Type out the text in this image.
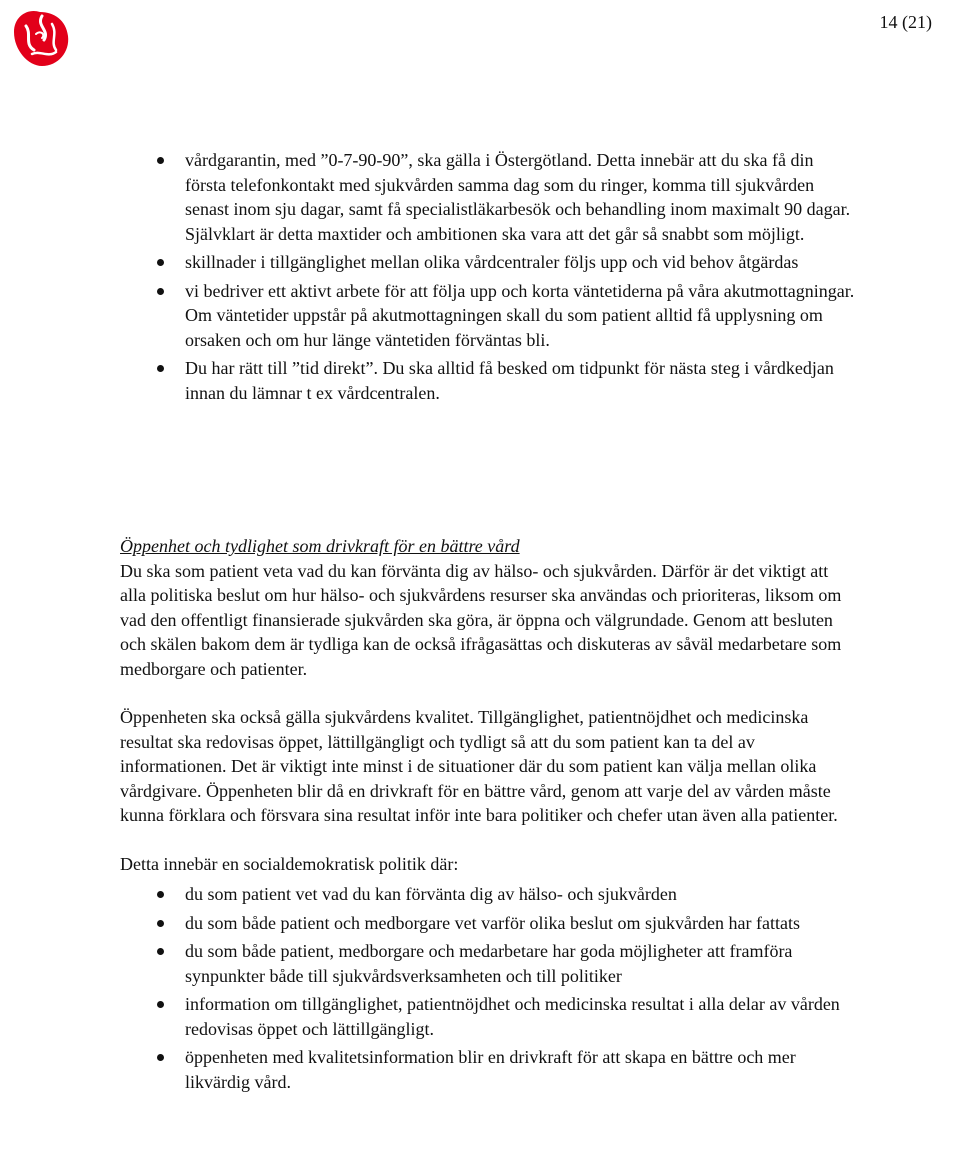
14 (21)
vårdgarantin, med ”0-7-90-90”, ska gälla i Östergötland. Detta innebär att du ska få din första telefonkontakt med sjukvården samma dag som du ringer, komma till sjukvården senast inom sju dagar, samt få specialistläkarbesök och behandling inom maximalt 90 dagar. Självklart är detta maxtider och ambitionen ska vara att det går så snabbt som möjligt.
skillnader i tillgänglighet mellan olika vårdcentraler följs upp och vid behov åtgärdas
vi bedriver ett aktivt arbete för att följa upp och korta väntetiderna på våra akutmottagningar. Om väntetider uppstår på akutmottagningen skall du som patient alltid få upplysning om orsaken och om hur länge väntetiden förväntas bli.
Du har rätt till ”tid direkt”. Du ska alltid få besked om tidpunkt för nästa steg i vårdkedjan innan du lämnar t ex vårdcentralen.

Öppenhet och tydlighet som drivkraft för en bättre vård

Du ska som patient veta vad du kan förvänta dig av hälso- och sjukvården. Därför är det viktigt att alla politiska beslut om hur hälso- och sjukvårdens resurser ska användas och prioriteras, liksom om vad den offentligt finansierade sjukvården ska göra, är öppna och välgrundade. Genom att besluten och skälen bakom dem är tydliga kan de också ifrågasättas och diskuteras av såväl medarbetare som medborgare och patienter.

Öppenheten ska också gälla sjukvårdens kvalitet. Tillgänglighet, patientnöjdhet och medicinska resultat ska redovisas öppet, lättillgängligt och tydligt så att du som patient kan ta del av informationen. Det är viktigt inte minst i de situationer där du som patient kan välja mellan olika vårdgivare. Öppenheten blir då en drivkraft för en bättre vård, genom att varje del av vården måste kunna förklara och försvara sina resultat inför inte bara politiker och chefer utan även alla patienter.

Detta innebär en socialdemokratisk politik där:

du som patient vet vad du kan förvänta dig av hälso- och sjukvården
du som både patient och medborgare vet varför olika beslut om sjukvården har fattats
du som både patient, medborgare och medarbetare har goda möjligheter att framföra synpunkter både till sjukvårdsverksamheten och till politiker
information om tillgänglighet, patientnöjdhet och medicinska resultat i alla delar av vården redovisas öppet och lättillgängligt.
öppenheten med kvalitetsinformation blir en drivkraft för att skapa en bättre och mer likvärdig vård.
